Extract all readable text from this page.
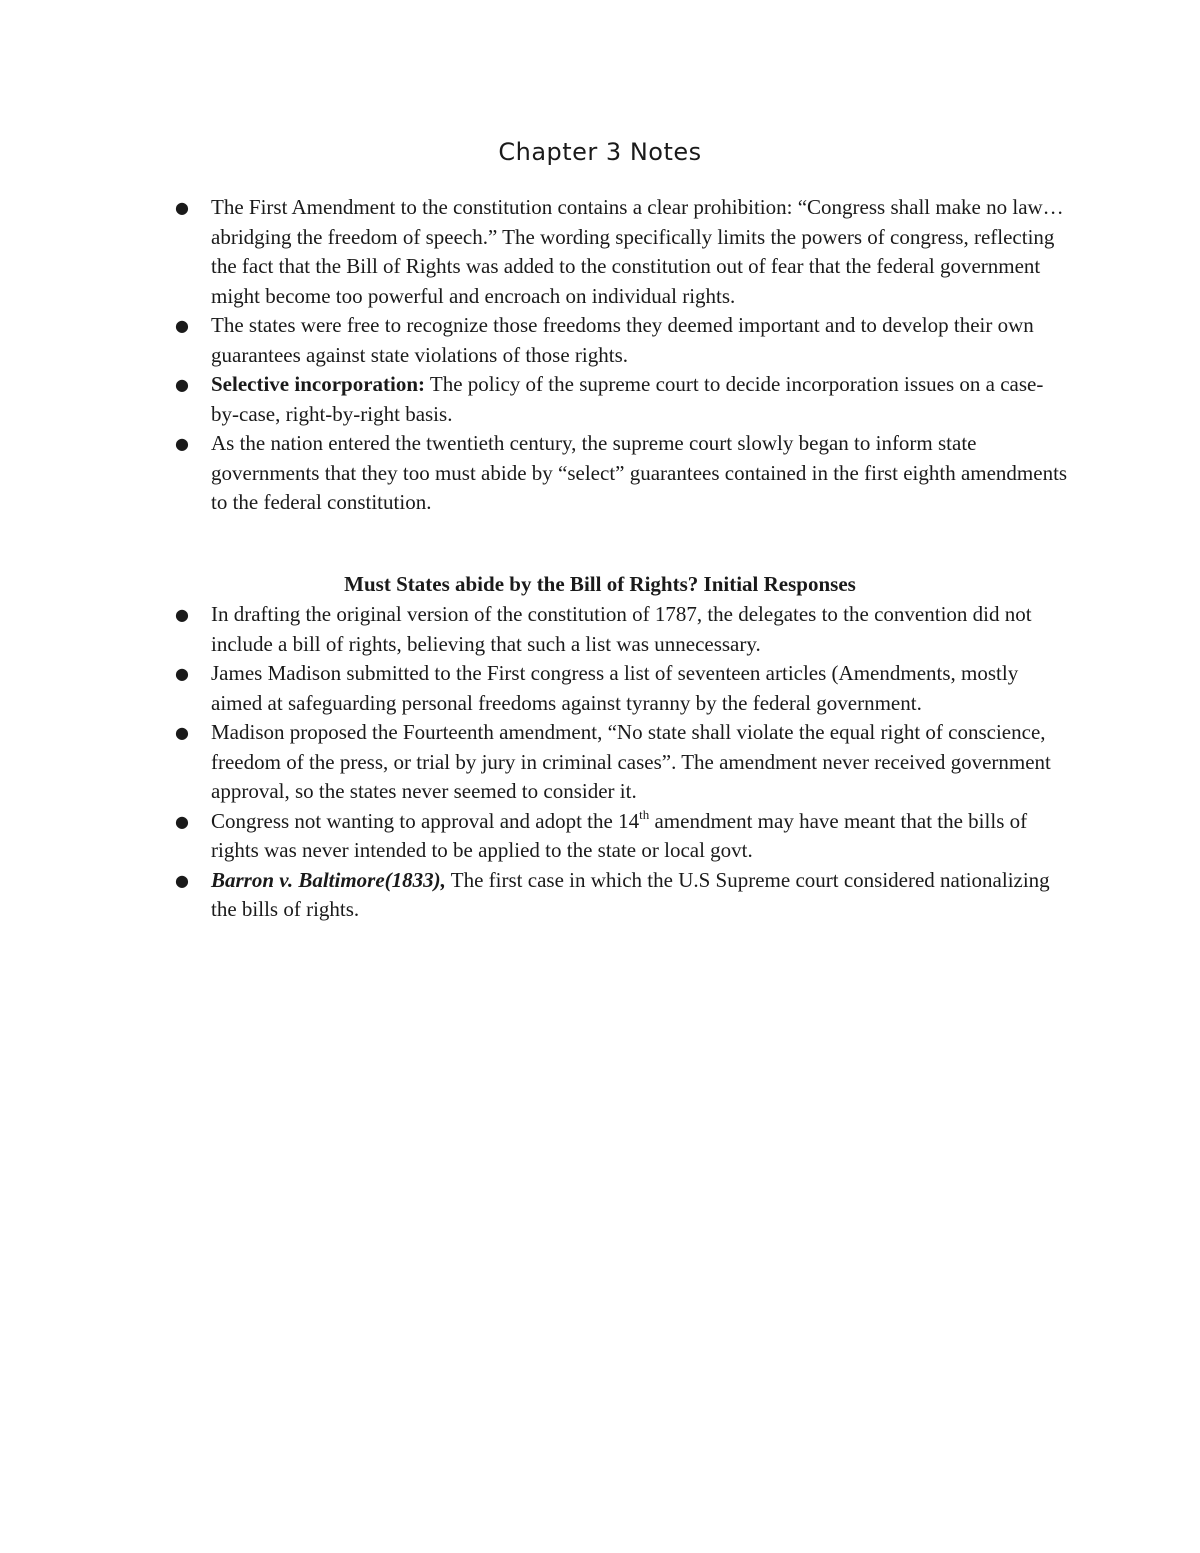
Chapter 3 Notes
● The First Amendment to the constitution contains a clear prohibition: “Congress shall make no law… abridging the freedom of speech.” The wording specifically limits the powers of congress, reflecting the fact that the Bill of Rights was added to the constitution out of fear that the federal government might become too powerful and encroach on individual rights.
● The states were free to recognize those freedoms they deemed important and to develop their own guarantees against state violations of those rights.
● Selective incorporation: The policy of the supreme court to decide incorporation issues on a case-by-case, right-by-right basis.
● As the nation entered the twentieth century, the supreme court slowly began to inform state governments that they too must abide by “select” guarantees contained in the first eighth amendments to the federal constitution.
Must States abide by the Bill of Rights? Initial Responses
● In drafting the original version of the constitution of 1787, the delegates to the convention did not include a bill of rights, believing that such a list was unnecessary.
● James Madison submitted to the First congress a list of seventeen articles (Amendments, mostly aimed at safeguarding personal freedoms against tyranny by the federal government.
● Madison proposed the Fourteenth amendment, “No state shall violate the equal right of conscience, freedom of the press, or trial by jury in criminal cases”. The amendment never received government approval, so the states never seemed to consider it.
● Congress not wanting to approval and adopt the 14th amendment may have meant that the bills of rights was never intended to be applied to the state or local govt.
● Barron v. Baltimore(1833), The first case in which the U.S Supreme court considered nationalizing the bills of rights.
